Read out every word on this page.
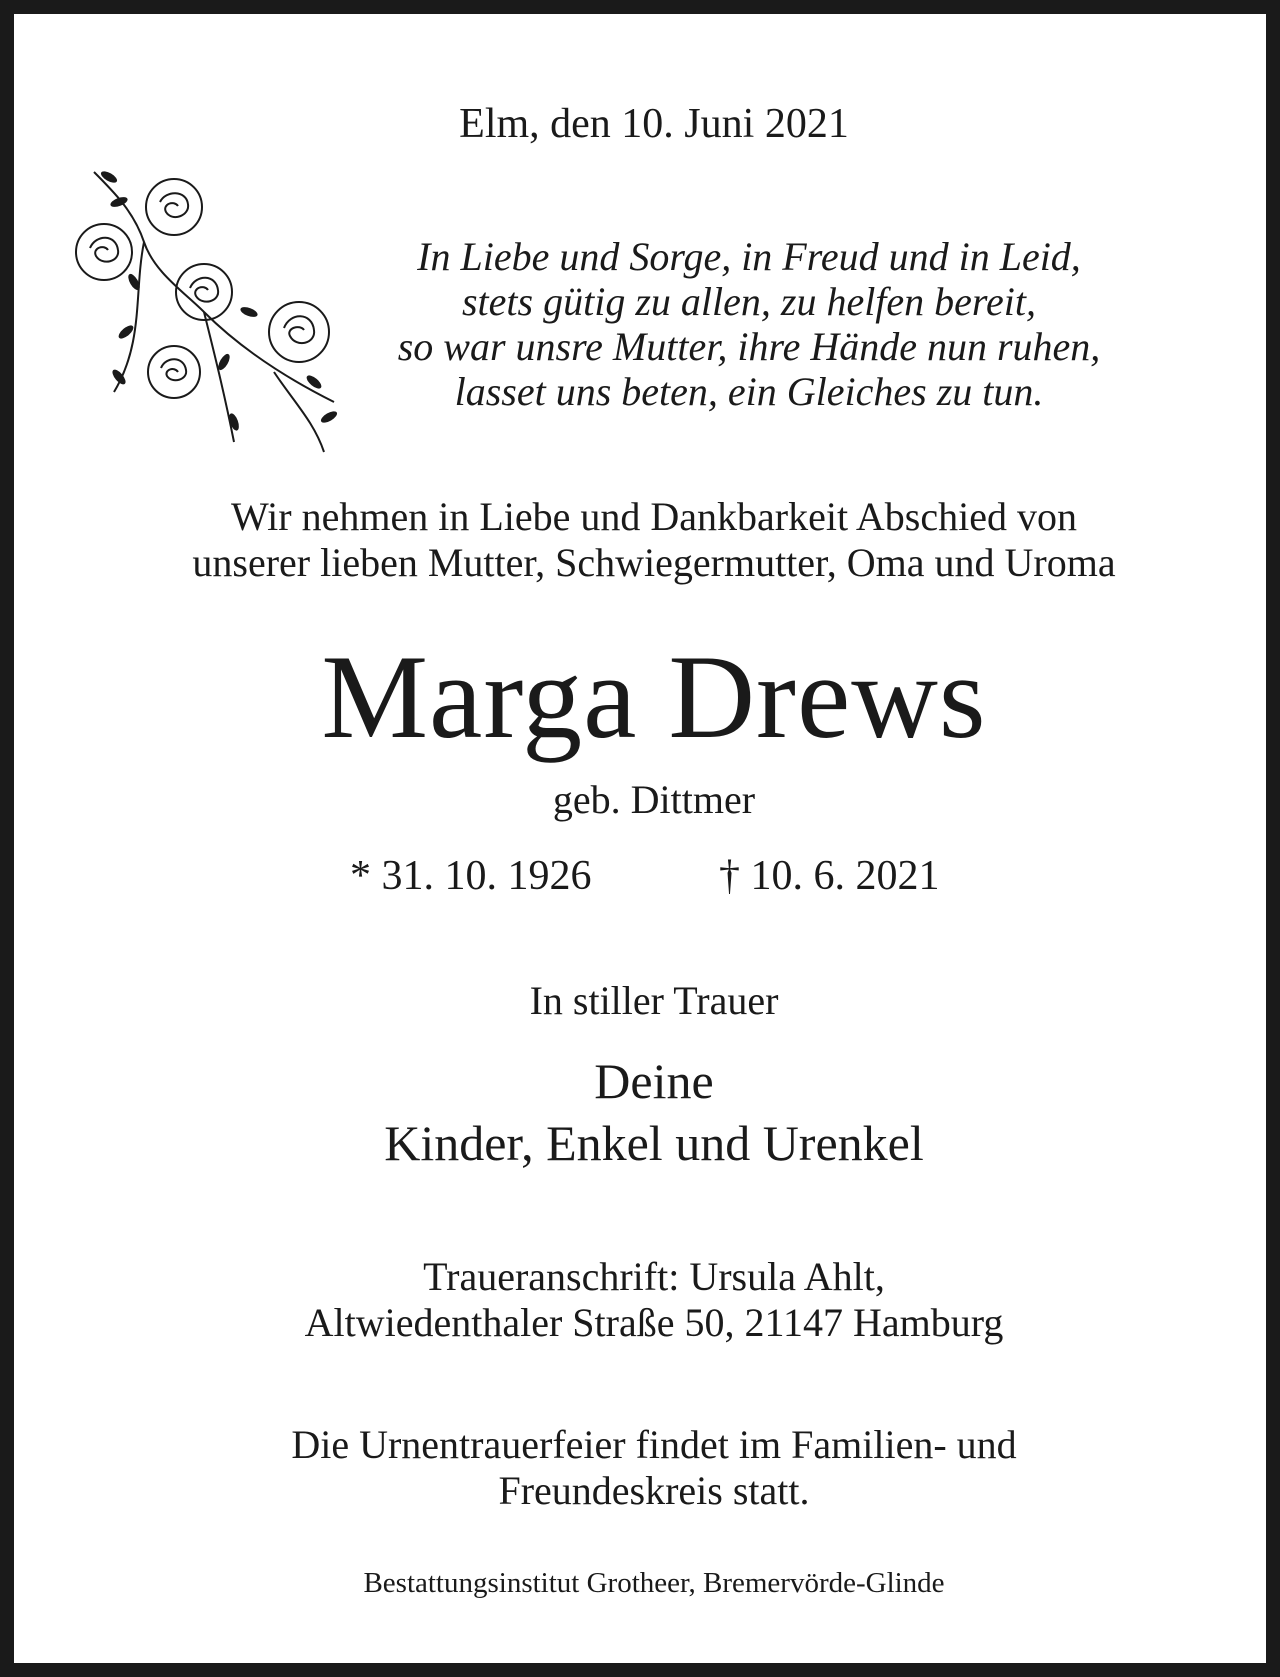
Elm, den 10. Juni 2021
In Liebe und Sorge, in Freud und in Leid,
stets gütig zu allen, zu helfen bereit,
so war unsre Mutter, ihre Hände nun ruhen,
lasset uns beten, ein Gleiches zu tun.
Wir nehmen in Liebe und Dankbarkeit Abschied von
unserer lieben Mutter, Schwiegermutter, Oma und Uroma
Marga Drews
geb. Dittmer
* 31. 10. 1926	† 10. 6. 2021
In stiller Trauer
Deine
Kinder, Enkel und Urenkel
Traueranschrift: Ursula Ahlt,
Altwiedenthaler Straße 50, 21147 Hamburg
Die Urnentrauerfeier findet im Familien- und
Freundeskreis statt.
Bestattungsinstitut Grotheer, Bremervörde-Glinde
